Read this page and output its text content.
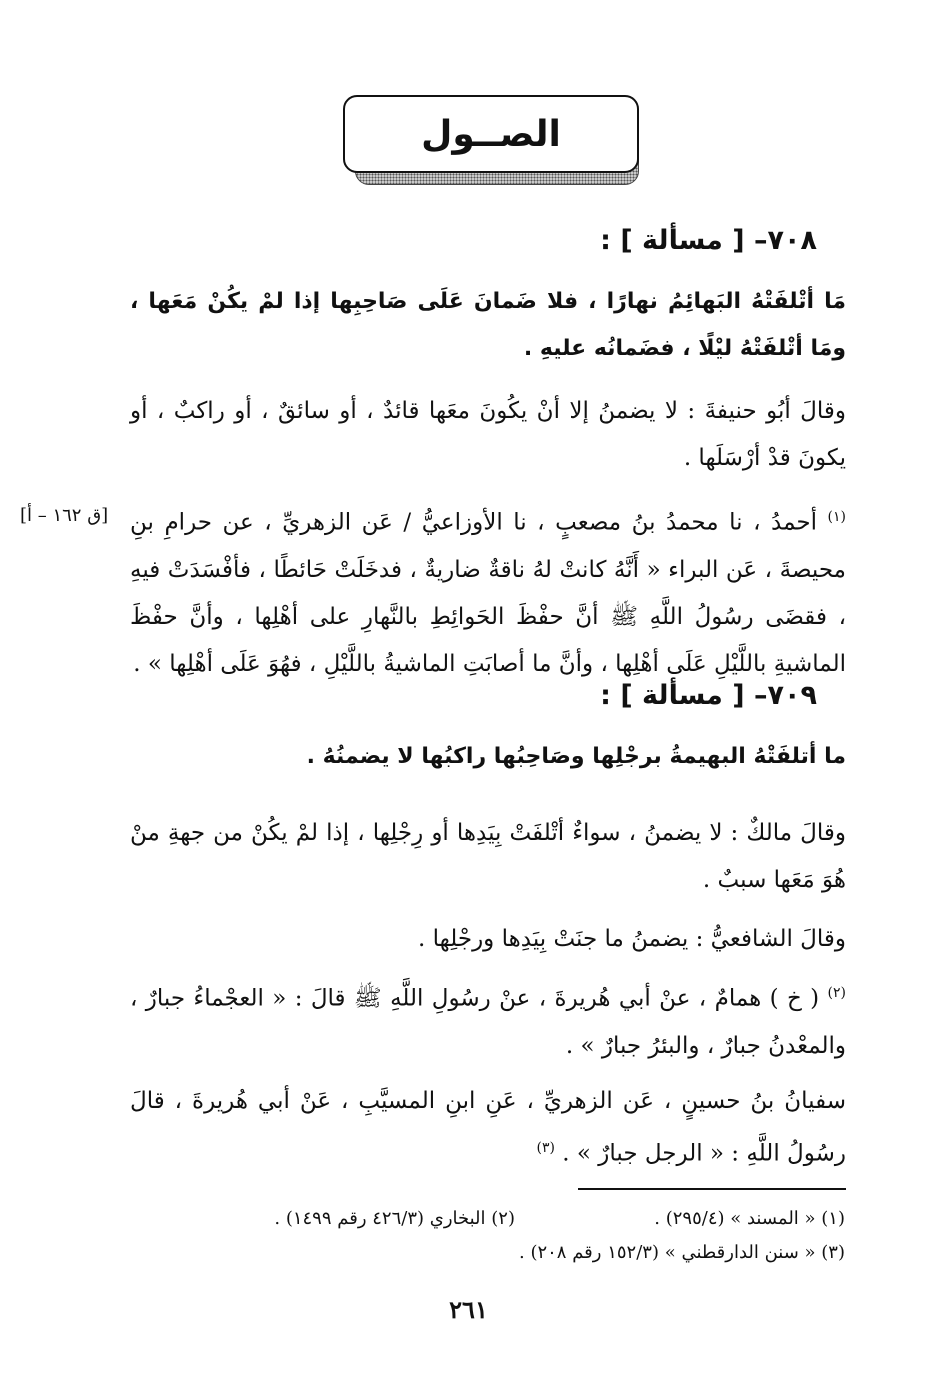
الصــول
٧٠٨– [ مسألة ] :
مَا أتْلفَتْهُ البَهائِمُ نهارًا ، فلا ضَمانَ عَلَى صَاحِبِها إذا لمْ يكُنْ مَعَها ، ومَا أتْلفَتْهُ ليْلًا ، فضَمانُه عليهِ .
وقالَ أبُو حنيفةَ : لا يضمنُ إلا أنْ يكُونَ معَها قائدٌ ، أو سائقٌ ، أو راكبٌ ، أو يكونَ قدْ أرْسَلَها .
$^{(١)}$ أحمدُ ، نا محمدُ بنُ مصعبٍ ، نا الأوزاعيُّ / عَن الزهريِّ ، عن حرامِ بنِ محيصةَ ، عَن البراء « أَنَّهُ كانتْ لهُ ناقةٌ ضاريةٌ ، فدخَلَتْ حَائطًا ، فأفْسَدَتْ فيهِ ، فقضَى رسُولُ اللَّهِ ﷺ أنَّ حفْظَ الحَوائِطِ بالنَّهارِ على أهْلِها ، وأنَّ حفْظَ الماشيةِ باللَّيْلِ عَلَى أهْلِها ، وأنَّ ما أصابَتِ الماشيةُ باللَّيْلِ ، فهُوَ عَلَى أهْلِها » .
[ق ١٦٢ – أ]
٧٠٩– [ مسألة ] :
ما أتلفَتْهُ البهيمةُ برجْلِها وصَاحِبُها راكبُها لا يضمنُهُ .
وقالَ مالكٌ : لا يضمنُ ، سواءٌ أتْلفَتْ بِيَدِها أو رِجْلِها ، إذا لمْ يكُنْ من جهةِ منْ هُوَ مَعَها سببٌ .
وقالَ الشافعيُّ : يضمنُ ما جنَتْ بِيَدِها ورجْلِها .
$^{(٢)}$ ( خ ) همامٌ ، عنْ أبي هُريرةَ ، عنْ رسُولِ اللَّهِ ﷺ قالَ : « العجْماءُ جبارٌ ، والمعْدنُ جبارٌ ، والبئرُ جبارٌ » .
سفيانُ بنُ حسينٍ ، عَن الزهريِّ ، عَنِ ابنِ المسيَّبِ ، عَنْ أبي هُريرةَ ، قالَ رسُولُ اللَّهِ : « الرجل جبارٌ » . $^{(٣)}$
(١) « المسند » (٢٩٥/٤) .
(٢) البخاري (٤٢٦/٣ رقم ١٤٩٩) .
(٣) « سنن الدارقطني » (١٥٢/٣ رقم ٢٠٨) .
٢٦١
